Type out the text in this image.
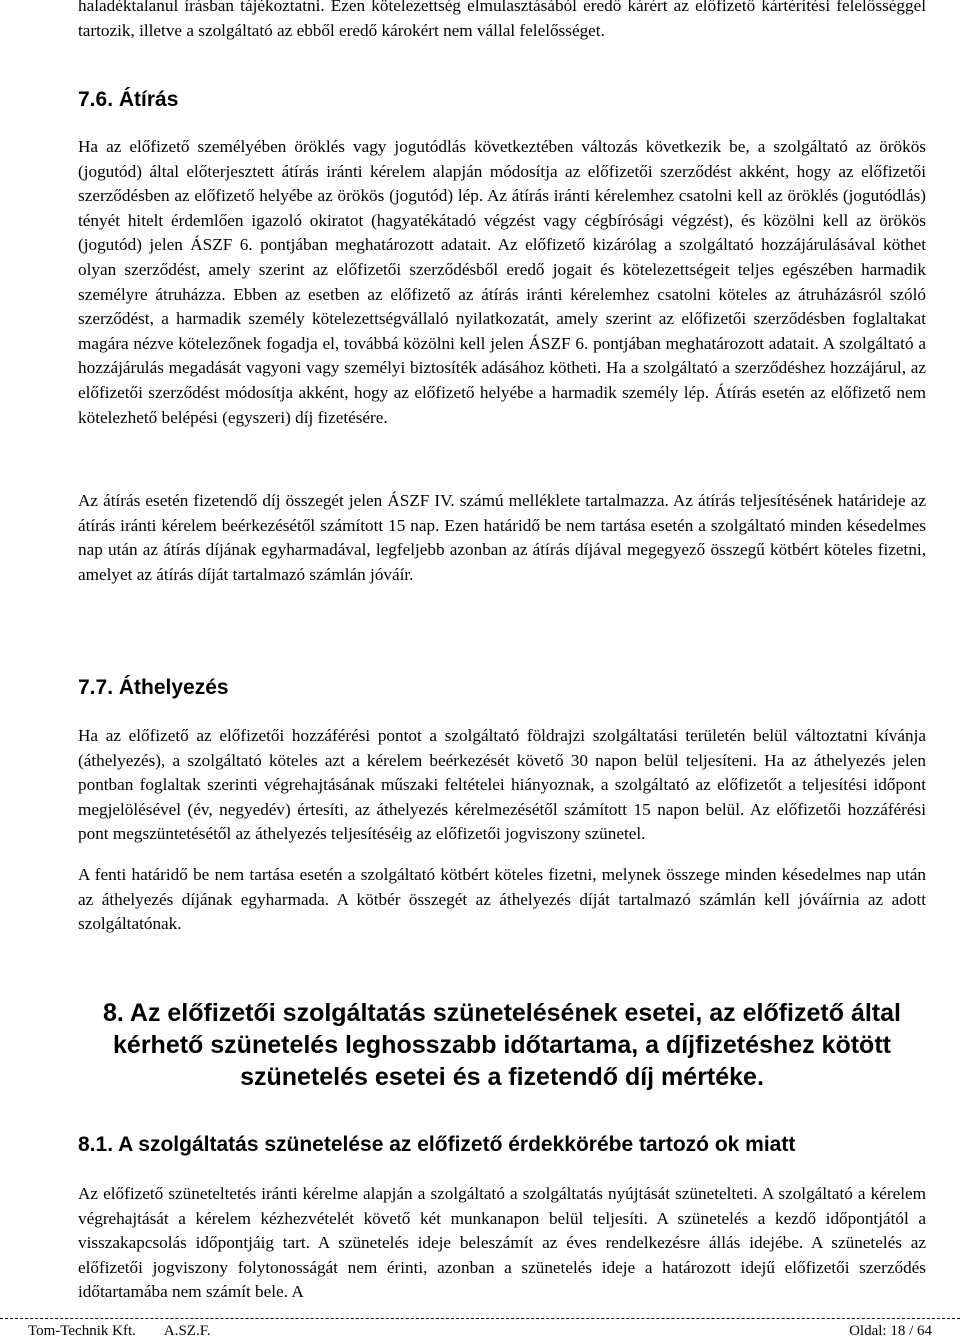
haladéktalanul írásban tájékoztatni. Ezen kötelezettség elmulasztásából eredő kárért az előfizető kártérítési felelősséggel tartozik, illetve a szolgáltató az ebből eredő károkért nem vállal felelősséget.

7.6. Átírás

Ha az előfizető személyében öröklés vagy jogutódlás következtében változás következik be, a szolgáltató az örökös (jogutód) által előterjesztett átírás iránti kérelem alapján módosítja az előfizetői szerződést akként, hogy az előfizetői szerződésben az előfizető helyébe az örökös (jogutód) lép. Az átírás iránti kérelemhez csatolni kell az öröklés (jogutódlás) tényét hitelt érdemlően igazoló okiratot (hagyatékátadó végzést vagy cégbírósági végzést), és közölni kell az örökös (jogutód) jelen ÁSZF 6. pontjában meghatározott adatait. Az előfizető kizárólag a szolgáltató hozzájárulásával köthet olyan szerződést, amely szerint az előfizetői szerződésből eredő jogait és kötelezettségeit teljes egészében harmadik személyre átruházza. Ebben az esetben az előfizető az átírás iránti kérelemhez csatolni köteles az átruházásról szóló szerződést, a harmadik személy kötelezettségvállaló nyilatkozatát, amely szerint az előfizetői szerződésben foglaltakat magára nézve kötelezőnek fogadja el, továbbá közölni kell jelen ÁSZF 6. pontjában meghatározott adatait. A szolgáltató a hozzájárulás megadását vagyoni vagy személyi biztosíték adásához kötheti. Ha a szolgáltató a szerződéshez hozzájárul, az előfizetői szerződést módosítja akként, hogy az előfizető helyébe a harmadik személy lép. Átírás esetén az előfizető nem kötelezhető belépési (egyszeri) díj fizetésére.

Az átírás esetén fizetendő díj összegét jelen ÁSZF IV. számú melléklete tartalmazza. Az átírás teljesítésének határideje az átírás iránti kérelem beérkezésétől számított 15 nap. Ezen határidő be nem tartása esetén a szolgáltató minden késedelmes nap után az átírás díjának egyharmadával, legfeljebb azonban az átírás díjával megegyező összegű kötbért köteles fizetni, amelyet az átírás díját tartalmazó számlán jóváír.

7.7. Áthelyezés

Ha az előfizető az előfizetői hozzáférési pontot a szolgáltató földrajzi szolgáltatási területén belül változtatni kívánja (áthelyezés), a szolgáltató köteles azt a kérelem beérkezését követő 30 napon belül teljesíteni. Ha az áthelyezés jelen pontban foglaltak szerinti végrehajtásának műszaki feltételei hiányoznak, a szolgáltató az előfizetőt a teljesítési időpont megjelölésével (év, negyedév) értesíti, az áthelyezés kérelmezésétől számított 15 napon belül. Az előfizetői hozzáférési pont megszüntetésétől az áthelyezés teljesítéséig az előfizetői jogviszony szünetel.

A fenti határidő be nem tartása esetén a szolgáltató kötbért köteles fizetni, melynek összege minden késedelmes nap után az áthelyezés díjának egyharmada. A kötbér összegét az áthelyezés díját tartalmazó számlán kell jóváírnia az adott szolgáltatónak.

8. Az előfizetői szolgáltatás szünetelésének esetei, az előfizető által kérhető szünetelés leghosszabb időtartama, a díjfizetéshez kötött szünetelés esetei és a fizetendő díj mértéke.
8.1. A szolgáltatás szünetelése az előfizető érdekkörébe tartozó ok miatt

Az előfizető szüneteltetés iránti kérelme alapján a szolgáltató a szolgáltatás nyújtását szünetelteti. A szolgáltató a kérelem végrehajtását a kérelem kézhezvételét követő két munkanapon belül teljesíti. A szünetelés a kezdő időpontjától a visszakapcsolás időpontjáig tart. A szünetelés ideje beleszámít az éves rendelkezésre állás idejébe. A szünetelés az előfizetői jogviszony folytonosságát nem érinti, azonban a szünetelés ideje a határozott idejű előfizetői szerződés időtartamába nem számít bele. A

Tom-Technik Kft. A.SZ.F.	Oldal: 18 / 64
